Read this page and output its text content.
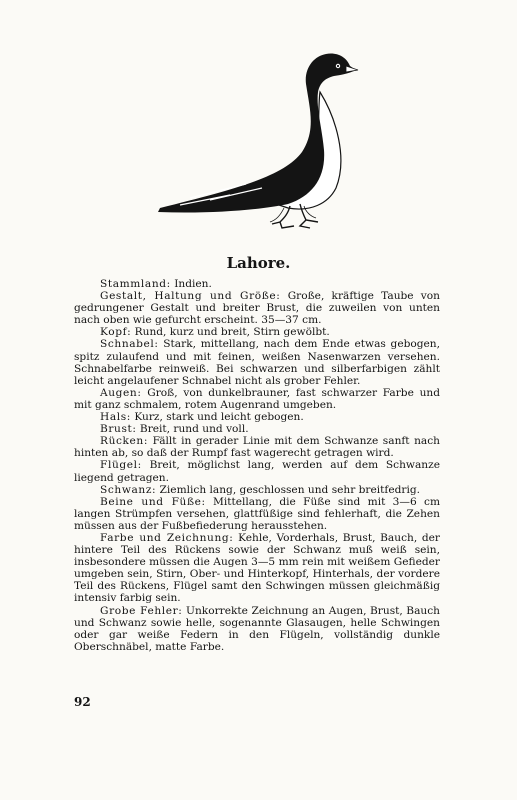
Lahore.

Stammland: Indien.

Gestalt, Haltung und Größe: Große, kräftige Taube von gedrungener Gestalt und breiter Brust, die zuweilen von unten nach oben wie gefurcht erscheint. 35—37 cm.

Kopf: Rund, kurz und breit, Stirn gewölbt.

Schnabel: Stark, mittellang, nach dem Ende etwas gebogen, spitz zulaufend und mit feinen, weißen Nasenwarzen versehen. Schnabelfarbe reinweiß. Bei schwarzen und silberfarbigen zählt leicht angelaufener Schnabel nicht als grober Fehler.

Augen: Groß, von dunkelbrauner, fast schwarzer Farbe und mit ganz schmalem, rotem Augenrand umgeben.

Hals: Kurz, stark und leicht gebogen.

Brust: Breit, rund und voll.

Rücken: Fällt in gerader Linie mit dem Schwanze sanft nach hinten ab, so daß der Rumpf fast wagerecht getragen wird.

Flügel: Breit, möglichst lang, werden auf dem Schwanze liegend getragen.

Schwanz: Ziemlich lang, geschlossen und sehr breitfedrig.

Beine und Füße: Mittellang, die Füße sind mit 3—6 cm langen Strümpfen versehen, glattfüßige sind fehlerhaft, die Zehen müssen aus der Fußbefiederung herausstehen.

Farbe und Zeichnung: Kehle, Vorderhals, Brust, Bauch, der hintere Teil des Rückens sowie der Schwanz muß weiß sein, insbesondere müssen die Augen 3—5 mm rein mit weißem Gefieder umgeben sein, Stirn, Ober- und Hinterkopf, Hinterhals, der vordere Teil des Rückens, Flügel samt den Schwingen müssen gleichmäßig intensiv farbig sein.

Grobe Fehler: Unkorrekte Zeichnung an Augen, Brust, Bauch und Schwanz sowie helle, sogenannte Glasaugen, helle Schwingen oder gar weiße Federn in den Flügeln, vollständig dunkle Oberschnäbel, matte Farbe.

92
